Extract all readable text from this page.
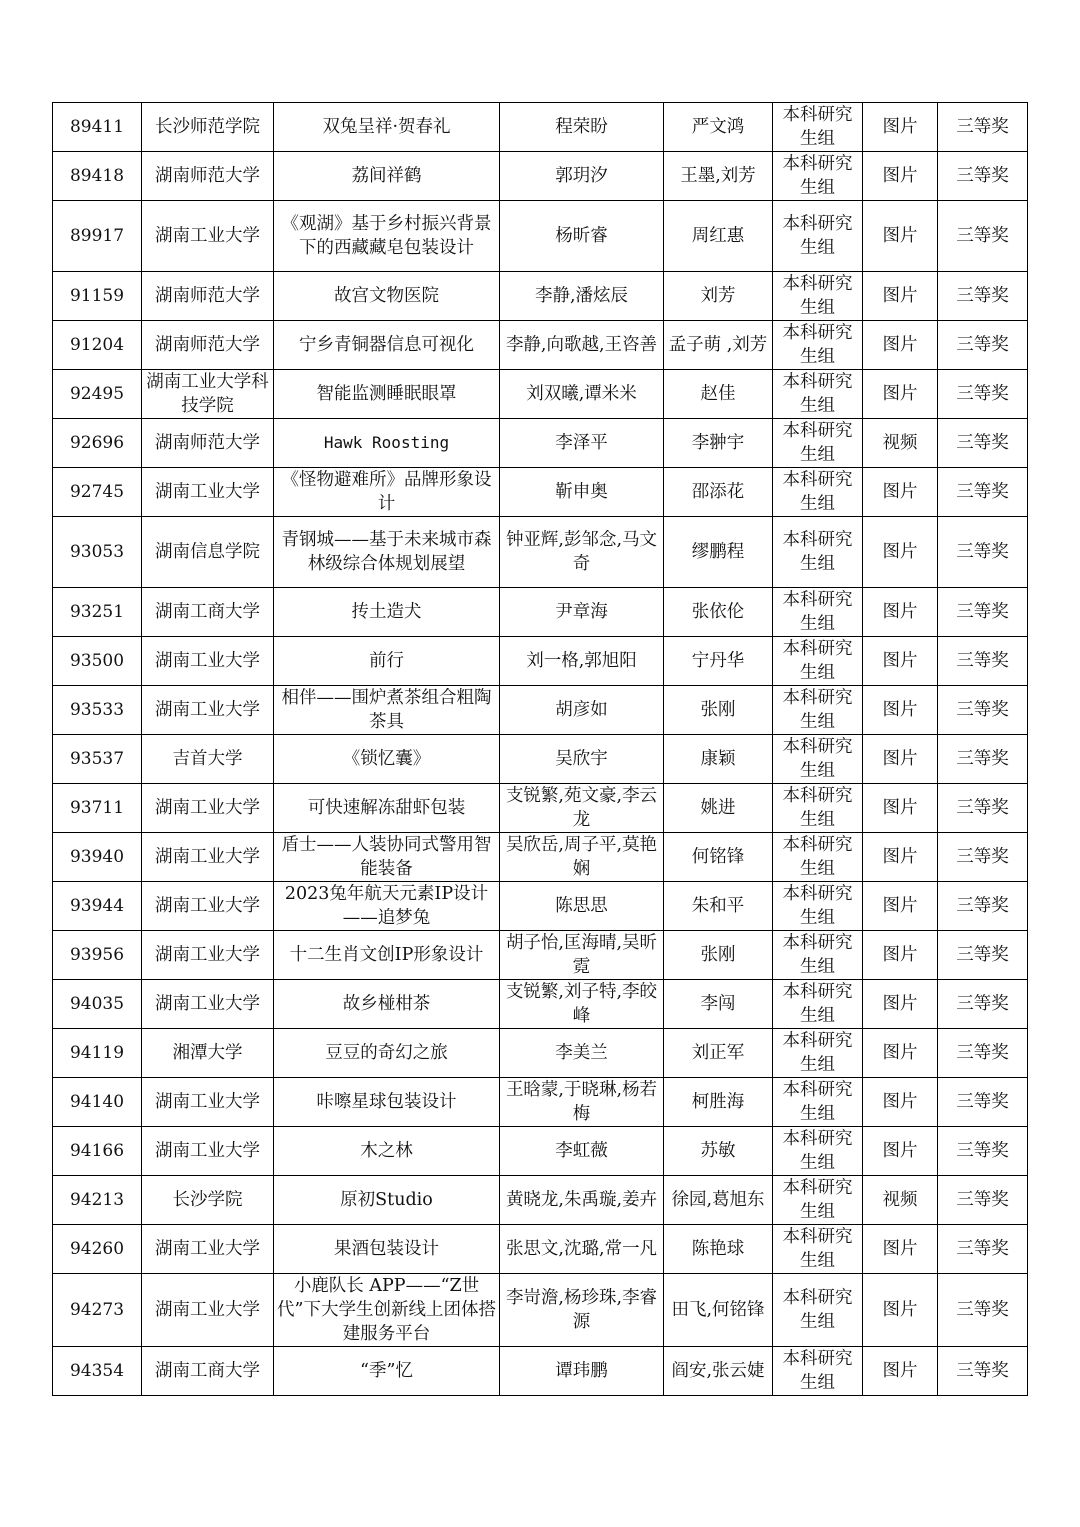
89411	长沙师范学院	双兔呈祥·贺春礼	程荣盼	严文鸿	本科研究生组	图片	三等奖
89418	湖南师范大学	荔间祥鹤	郭玥汐	王墨,刘芳	本科研究生组	图片	三等奖
89917	湖南工业大学	《观湖》基于乡村振兴背景下的西藏藏皂包装设计	杨昕睿	周红惠	本科研究生组	图片	三等奖
91159	湖南师范大学	故宫文物医院	李静,潘炫辰	刘芳	本科研究生组	图片	三等奖
91204	湖南师范大学	宁乡青铜器信息可视化	李静,向歌越,王咨善	孟子萌 ,刘芳	本科研究生组	图片	三等奖
92495	湖南工业大学科技学院	智能监测睡眠眼罩	刘双曦,谭米米	赵佳	本科研究生组	图片	三等奖
92696	湖南师范大学	Hawk Roosting	李泽平	李翀宇	本科研究生组	视频	三等奖
92745	湖南工业大学	《怪物避难所》品牌形象设计	靳申奥	邵添花	本科研究生组	图片	三等奖
93053	湖南信息学院	青钢城——基于未来城市森林级综合体规划展望	钟亚辉,彭邹念,马文奇	缪鹏程	本科研究生组	图片	三等奖
93251	湖南工商大学	抟土造犬	尹章海	张依伦	本科研究生组	图片	三等奖
93500	湖南工业大学	前行	刘一格,郭旭阳	宁丹华	本科研究生组	图片	三等奖
93533	湖南工业大学	相伴——围炉煮茶组合粗陶茶具	胡彦如	张刚	本科研究生组	图片	三等奖
93537	吉首大学	《锁忆囊》	吴欣宇	康颖	本科研究生组	图片	三等奖
93711	湖南工业大学	可快速解冻甜虾包装	支锐繁,苑文豪,李云龙	姚进	本科研究生组	图片	三等奖
93940	湖南工业大学	盾士——人装协同式警用智能装备	吴欣岳,周子平,莫艳娴	何铭锋	本科研究生组	图片	三等奖
93944	湖南工业大学	2023兔年航天元素IP设计——追梦兔	陈思思	朱和平	本科研究生组	图片	三等奖
93956	湖南工业大学	十二生肖文创IP形象设计	胡子怡,匡海晴,吴昕霓	张刚	本科研究生组	图片	三等奖
94035	湖南工业大学	故乡椪柑茶	支锐繁,刘子特,李皎峰	李闯	本科研究生组	图片	三等奖
94119	湘潭大学	豆豆的奇幻之旅	李美兰	刘正军	本科研究生组	图片	三等奖
94140	湖南工业大学	咔嚓星球包装设计	王晗蒙,于晓琳,杨若梅	柯胜海	本科研究生组	图片	三等奖
94166	湖南工业大学	木之林	李虹薇	苏敏	本科研究生组	图片	三等奖
94213	长沙学院	原初Studio	黄晓龙,朱禹璇,姜卉	徐园,葛旭东	本科研究生组	视频	三等奖
94260	湖南工业大学	果酒包装设计	张思文,沈璐,常一凡	陈艳球	本科研究生组	图片	三等奖
94273	湖南工业大学	小鹿队长 APP——“Z世代”下大学生创新线上团体搭建服务平台	李岢澹,杨珍珠,李睿源	田飞,何铭锋	本科研究生组	图片	三等奖
94354	湖南工商大学	“季”忆	谭玮鹏	阎安,张云婕	本科研究生组	图片	三等奖
